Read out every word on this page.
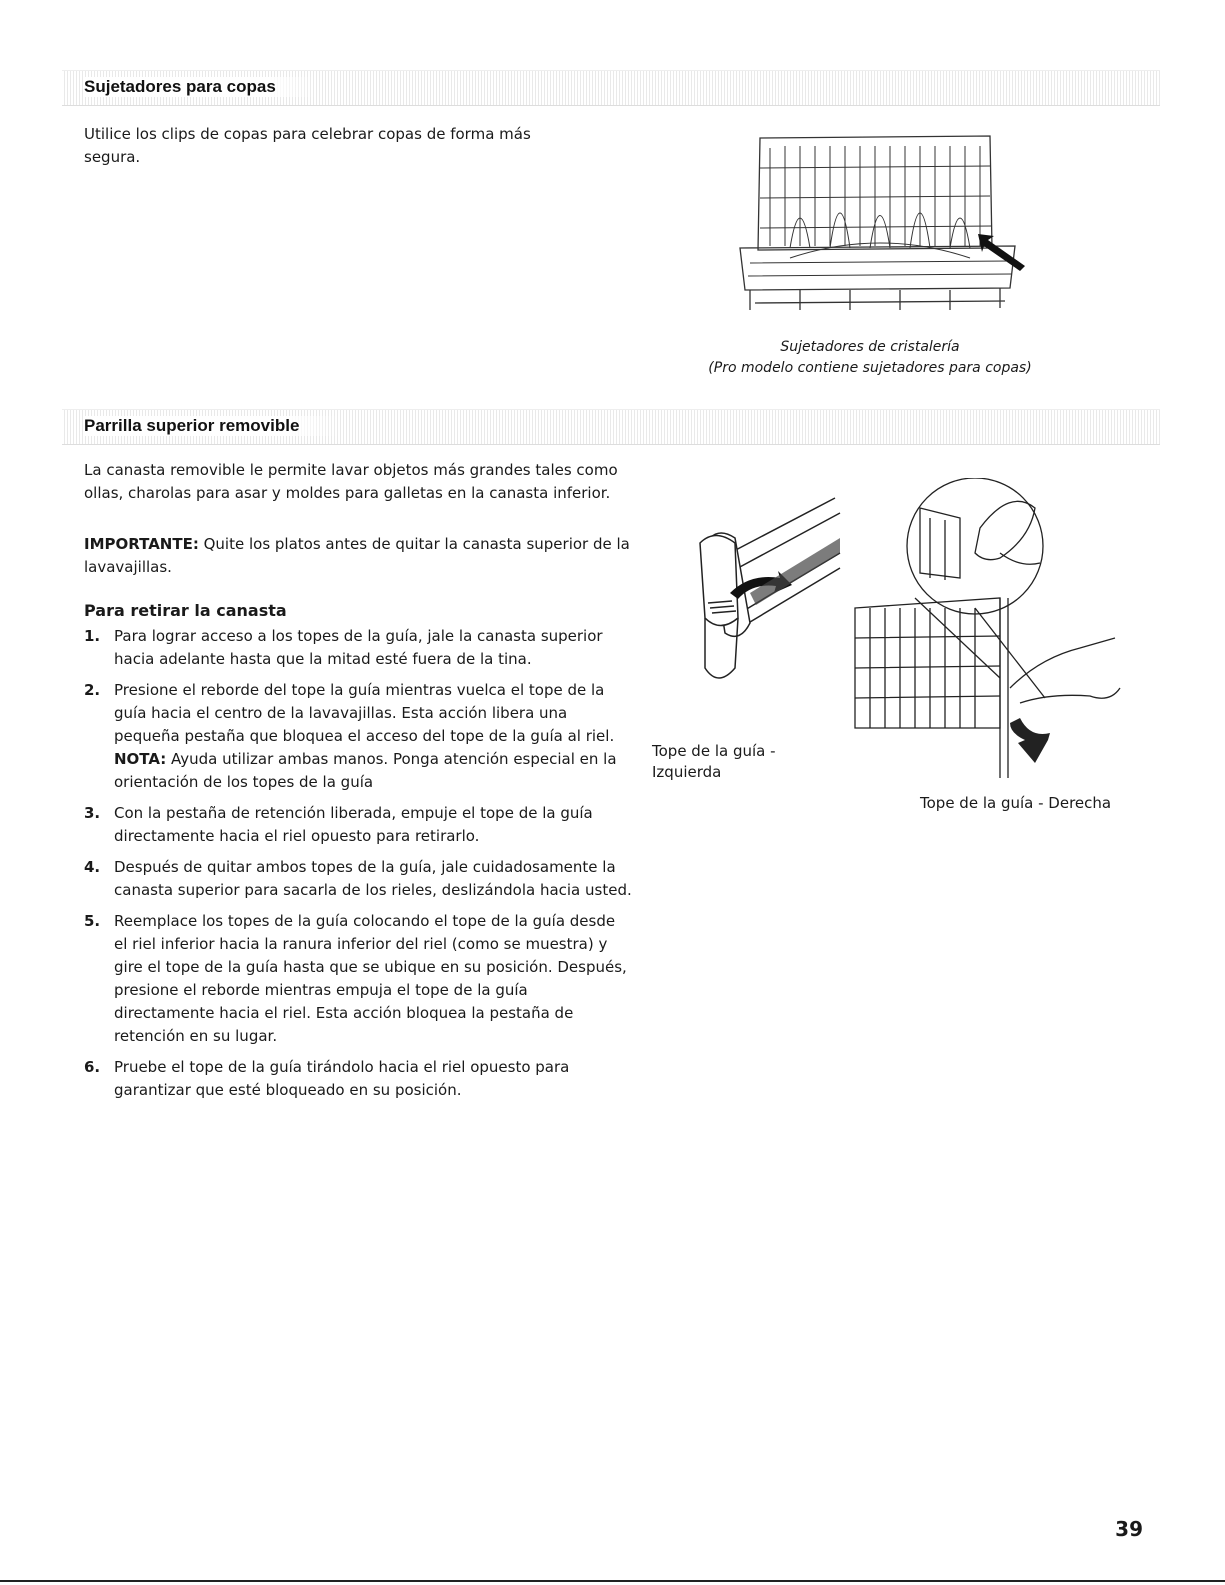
Sujetadores para copas

Utilice los clips de copas para celebrar copas de forma más segura.

Sujetadores de cristalería
(Pro modelo contiene sujetadores para copas)
Parrilla superior removible

La canasta removible le permite lavar objetos más grandes tales como ollas, charolas para asar y moldes para galletas en la canasta inferior.

IMPORTANTE: Quite los platos antes de quitar la canasta superior de la lavavajillas.

Para retirar la canasta
1. Para lograr acceso a los topes de la guía, jale la canasta superior hacia adelante hasta que la mitad esté fuera de la tina.
2. Presione el reborde del tope la guía mientras vuelca el tope de la guía hacia el centro de la lavavajillas. Esta acción libera una pequeña pestaña que bloquea el acceso del tope de la guía al riel.
NOTA: Ayuda utilizar ambas manos. Ponga atención especial en la orientación de los topes de la guía
3. Con la pestaña de retención liberada, empuje el tope de la guía directamente hacia el riel opuesto para retirarlo.
4. Después de quitar ambos topes de la guía, jale cuidadosamente la canasta superior para sacarla de los rieles, deslizándola hacia usted.
5. Reemplace los topes de la guía colocando el tope de la guía desde el riel inferior hacia la ranura inferior del riel (como se muestra) y gire el tope de la guía hasta que se ubique en su posición. Después, presione el reborde mientras empuja el tope de la guía directamente hacia el riel. Esta acción bloquea la pestaña de retención en su lugar.
6. Pruebe el tope de la guía tirándolo hacia el riel opuesto para garantizar que esté bloqueado en su posición.
Tope de la guía - Izquierda
Tope de la guía - Derecha
39
